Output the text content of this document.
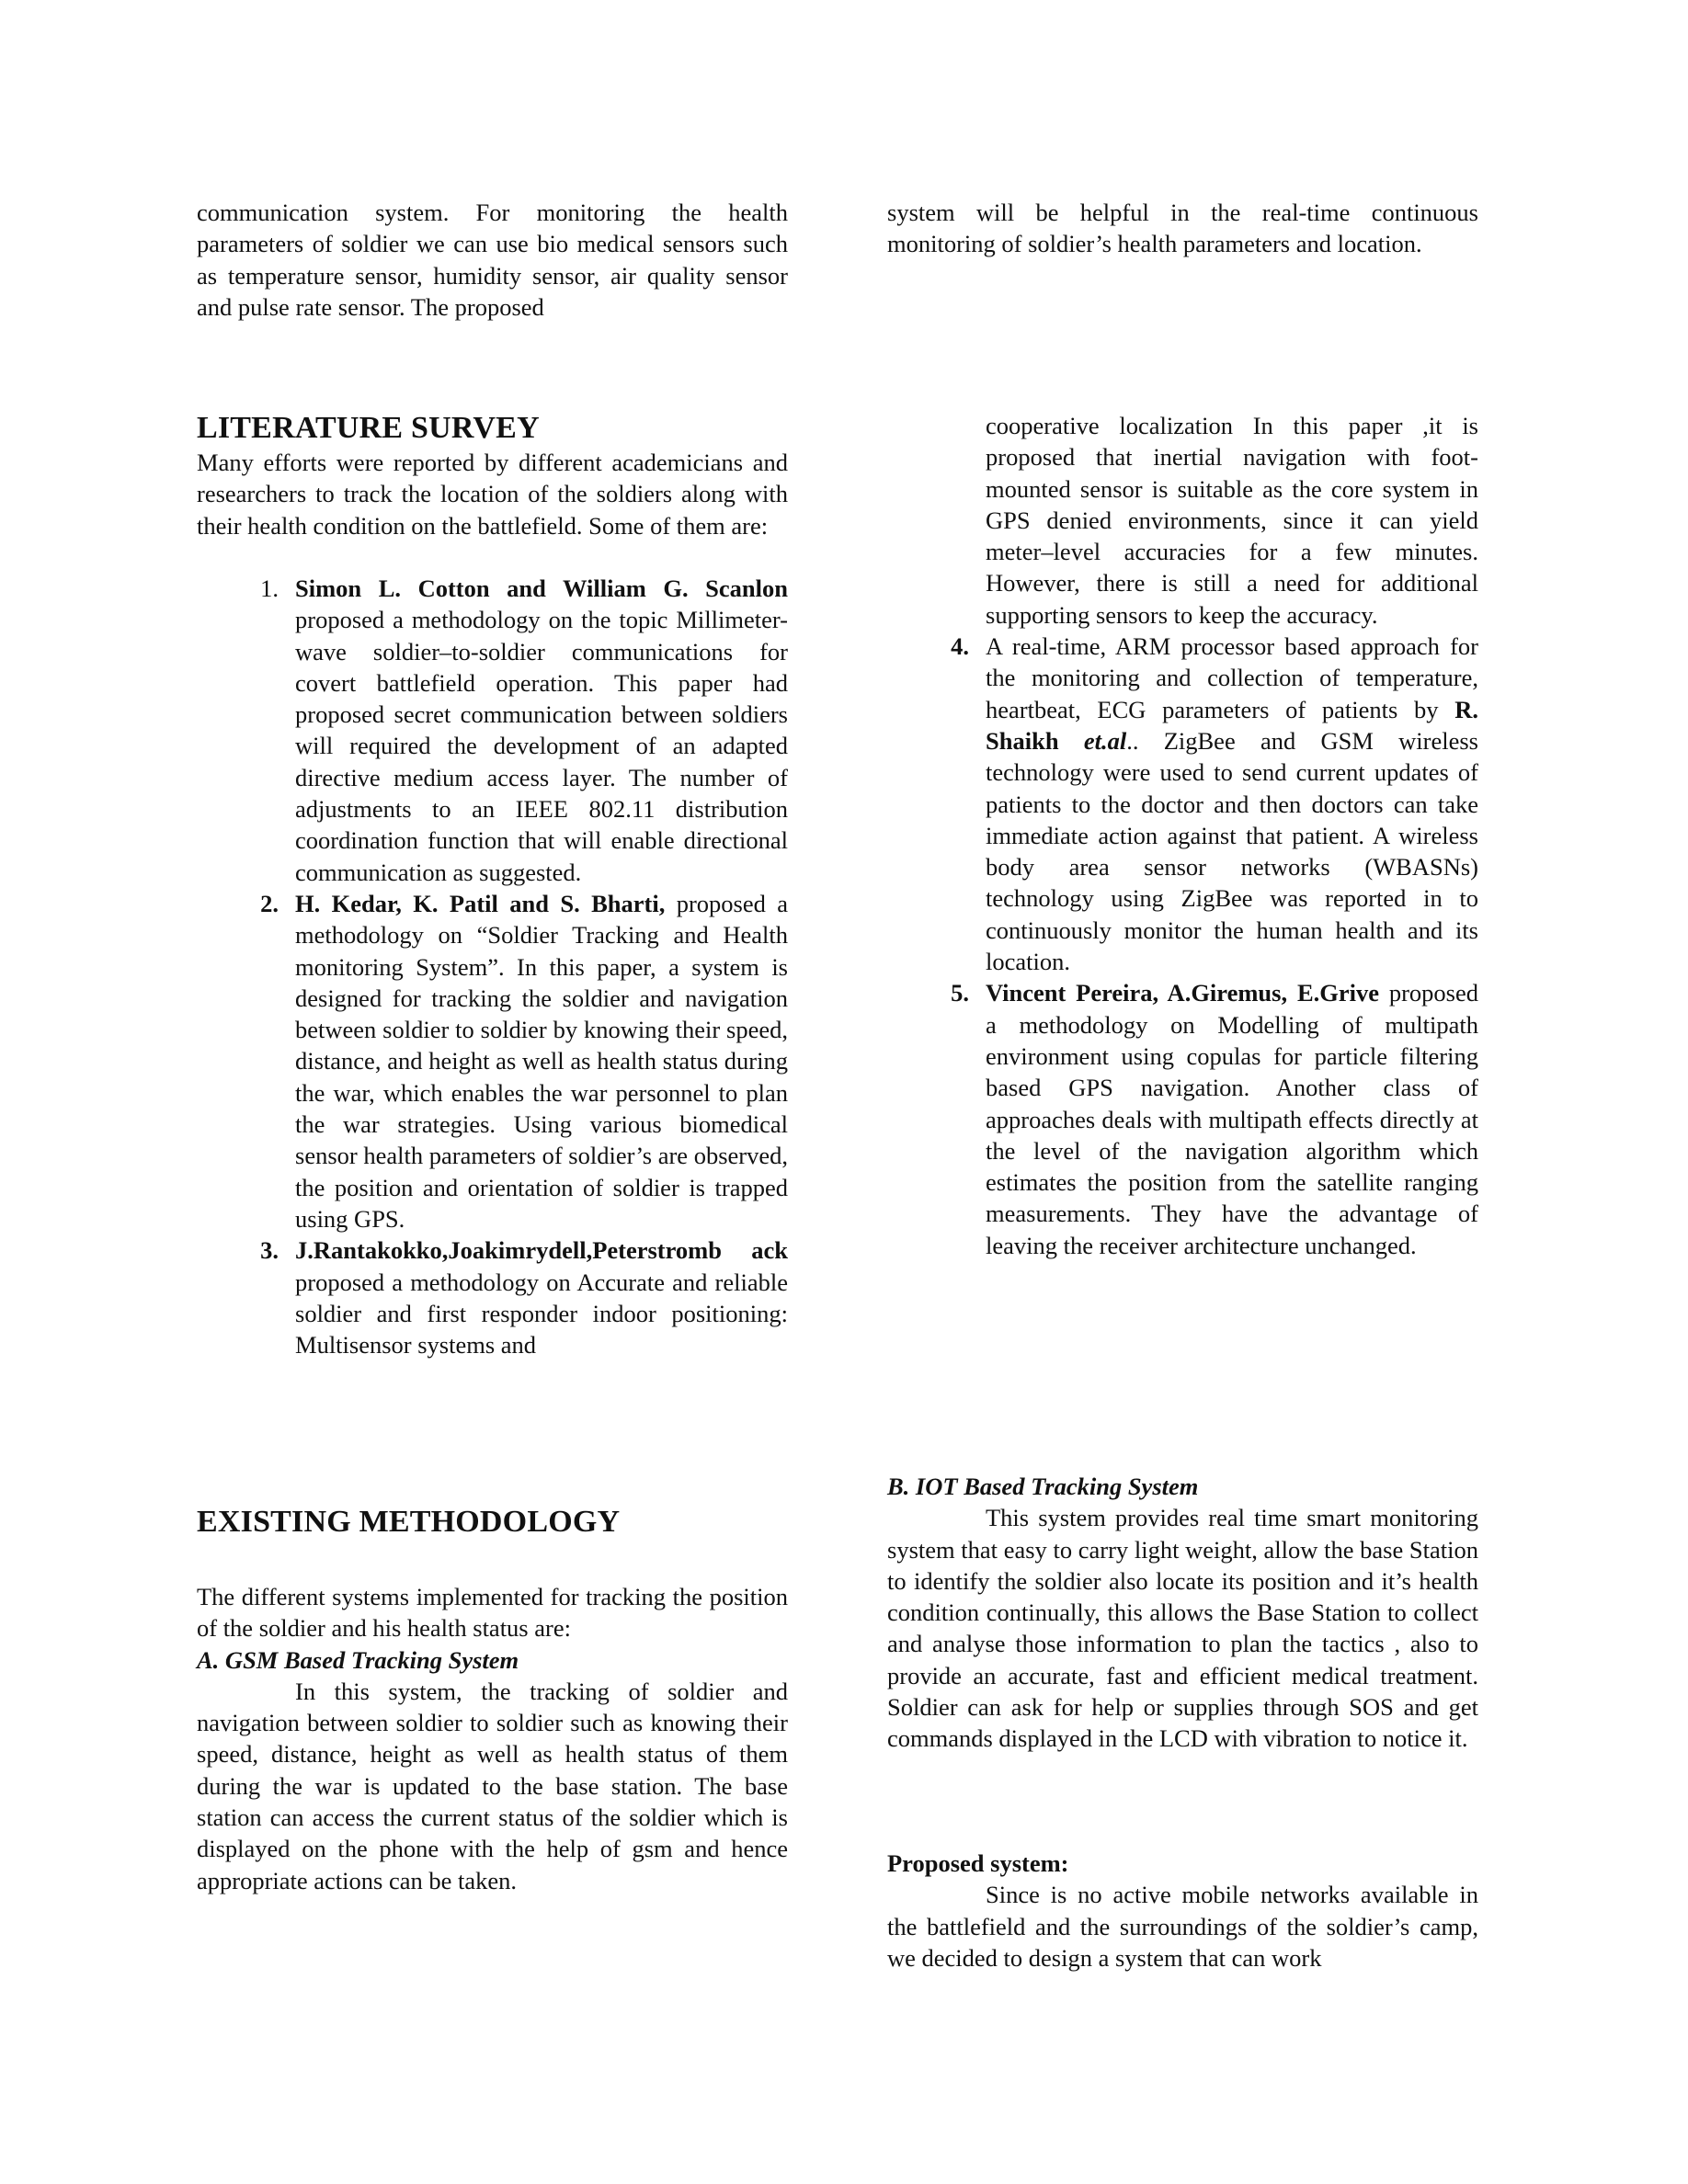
communication system. For monitoring the health parameters of soldier we can use bio medical sensors such as temperature sensor, humidity sensor, air quality sensor and pulse rate sensor. The proposed

system will be helpful in the real-time continuous monitoring of soldier’s health parameters and location.

LITERATURE SURVEY

Many efforts were reported by different academicians and researchers to track the location of the soldiers along with their health condition on the battlefield. Some of them are:

1. Simon L. Cotton and William G. Scanlon proposed a methodology on the topic Millimeter- wave soldier–to-soldier communications for covert battlefield operation. This paper had proposed secret communication between soldiers will required the development of an adapted directive medium access layer. The number of adjustments to an IEEE 802.11 distribution coordination function that will enable directional communication as suggested.
2. H. Kedar, K. Patil and S. Bharti, proposed a methodology on “Soldier Tracking and Health monitoring System”. In this paper, a system is designed for tracking the soldier and navigation between soldier to soldier by knowing their speed, distance, and height as well as health status during the war, which enables the war personnel to plan the war strategies. Using various biomedical sensor health parameters of soldier’s are observed, the position and orientation of soldier is trapped using GPS.
3. J.Rantakokko,Joakimrydell,Peterstromb ack proposed a methodology on Accurate and reliable soldier and first responder indoor positioning: Multisensor systems and

cooperative localization In this paper ,it is proposed that inertial navigation with foot-mounted sensor is suitable as the core system in GPS denied environments, since it can yield meter–level accuracies for a few minutes. However, there is still a need for additional supporting sensors to keep the accuracy.

4. A real-time, ARM processor based approach for the monitoring and collection of temperature, heartbeat, ECG parameters of patients by R. Shaikh et.al.. ZigBee and GSM wireless technology were used to send current updates of patients to the doctor and then doctors can take immediate action against that patient. A wireless body area sensor networks (WBASNs) technology using ZigBee was reported in to continuously monitor the human health and its location.
5. Vincent Pereira, A.Giremus, E.Grive proposed a methodology on Modelling of multipath environment using copulas for particle filtering based GPS navigation. Another class of approaches deals with multipath effects directly at the level of the navigation algorithm which estimates the position from the satellite ranging measurements. They have the advantage of leaving the receiver architecture unchanged.
EXISTING METHODOLOGY

The different systems implemented for tracking the position of the soldier and his health status are:

A. GSM Based Tracking System

In this system, the tracking of soldier and navigation between soldier to soldier such as knowing their speed, distance, height as well as health status of them during the war is updated to the base station. The base station can access the current status of the soldier which is displayed on the phone with the help of gsm and hence appropriate actions can be taken.

B. IOT Based Tracking System

This system provides real time smart monitoring system that easy to carry light weight, allow the base Station to identify the soldier also locate its position and it’s health condition continually, this allows the Base Station to collect and analyse those information to plan the tactics , also to provide an accurate, fast and efficient medical treatment. Soldier can ask for help or supplies through SOS and get commands displayed in the LCD with vibration to notice it.

Proposed system:

Since is no active mobile networks available in the battlefield and the surroundings of the soldier’s camp, we decided to design a system that can work
